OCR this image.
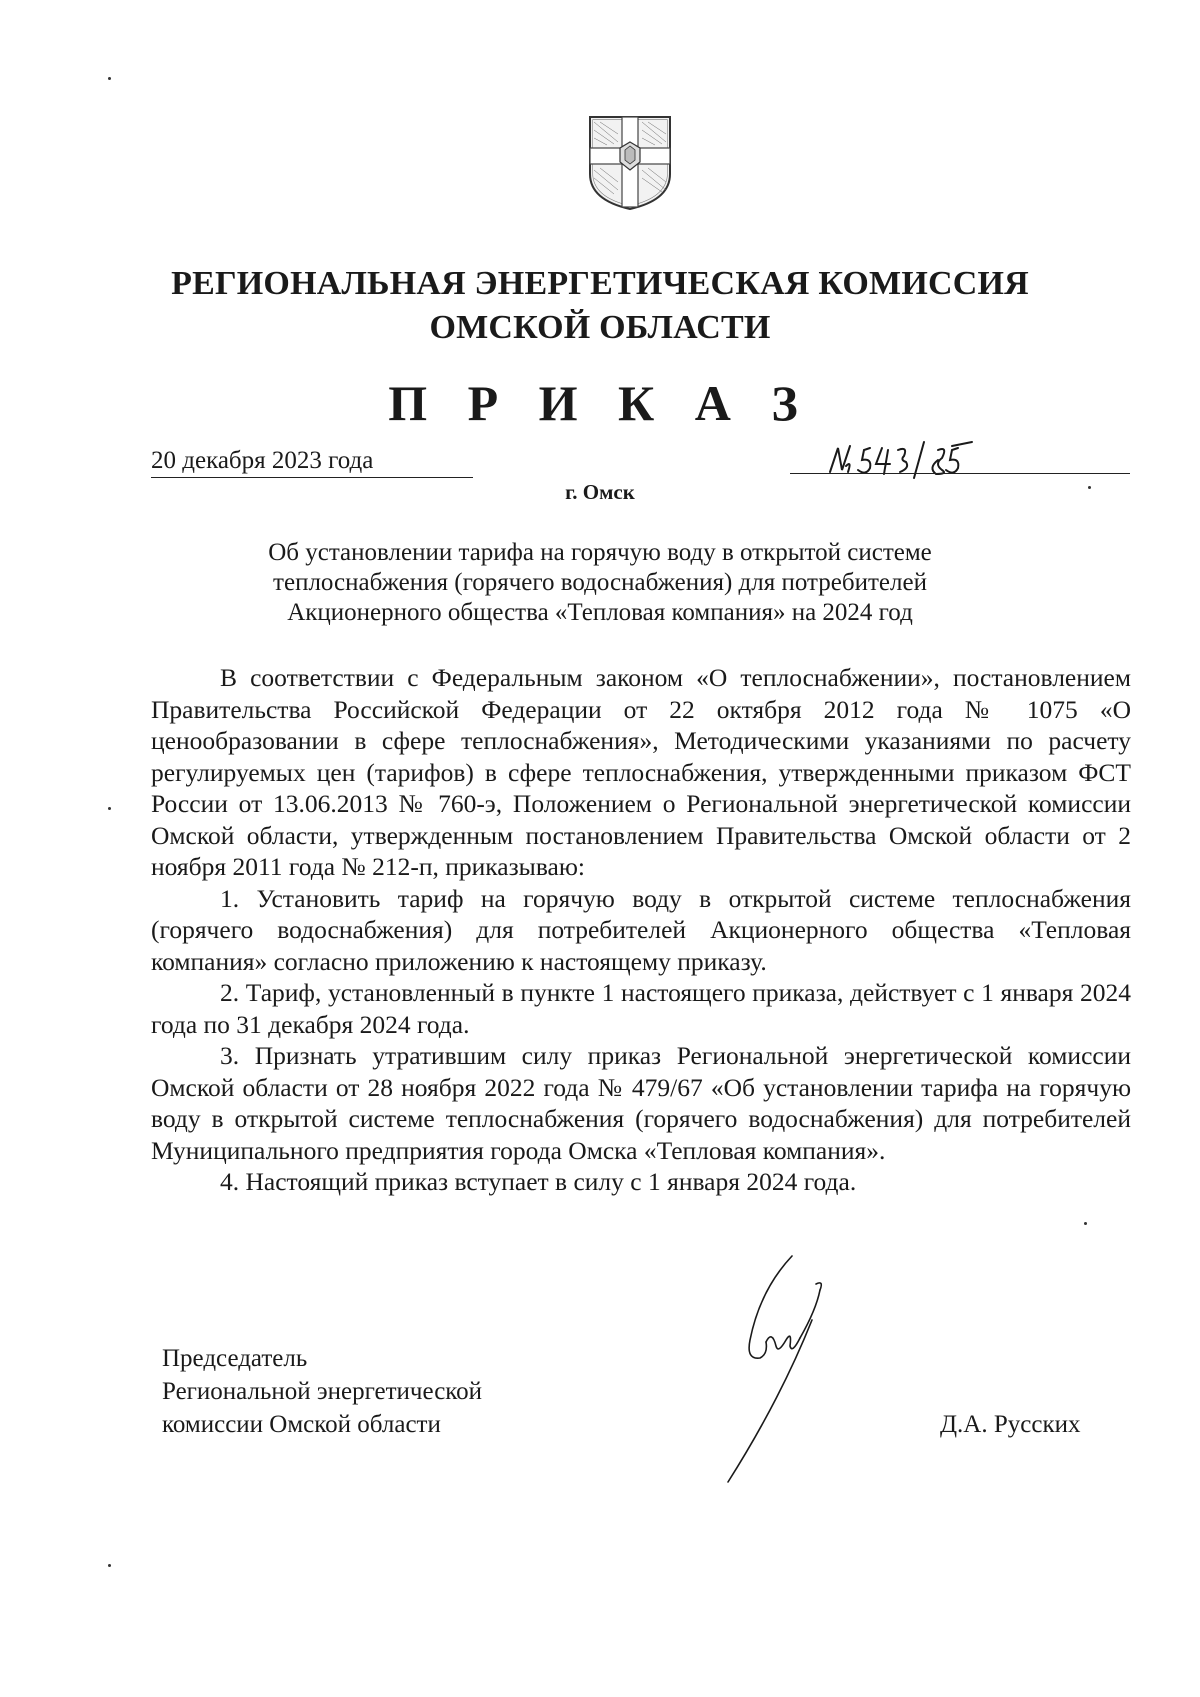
РЕГИОНАЛЬНАЯ ЭНЕРГЕТИЧЕСКАЯ КОМИССИЯ
ОМСКОЙ ОБЛАСТИ
П Р И К А З
20 декабря 2023 года
г. Омск
Об установлении тарифа на горячую воду в открытой системе
теплоснабжения (горячего водоснабжения) для потребителей
Акционерного общества «Тепловая компания» на 2024 год

В соответствии с Федеральным законом «О теплоснабжении», постановлением Правительства Российской Федерации от 22 октября 2012 года № 1075 «О ценообразовании в сфере теплоснабжения», Методическими указаниями по расчету регулируемых цен (тарифов) в сфере теплоснабжения, утвержденными приказом ФСТ России от 13.06.2013 № 760-э, Положением о Региональной энергетической комиссии Омской области, утвержденным постановлением Правительства Омской области от 2 ноября 2011 года № 212-п, приказываю:

1. Установить тариф на горячую воду в открытой системе теплоснабжения (горячего водоснабжения) для потребителей Акционерного общества «Тепловая компания» согласно приложению к настоящему приказу.

2. Тариф, установленный в пункте 1 настоящего приказа, действует с 1 января 2024 года по 31 декабря 2024 года.

3. Признать утратившим силу приказ Региональной энергетической комиссии Омской области от 28 ноября 2022 года № 479/67 «Об установлении тарифа на горячую воду в открытой системе теплоснабжения (горячего водоснабжения) для потребителей Муниципального предприятия города Омска «Тепловая компания».

4. Настоящий приказ вступает в силу с 1 января 2024 года.

Председатель
Региональной энергетической
комиссии Омской области	Д.А. Русских
